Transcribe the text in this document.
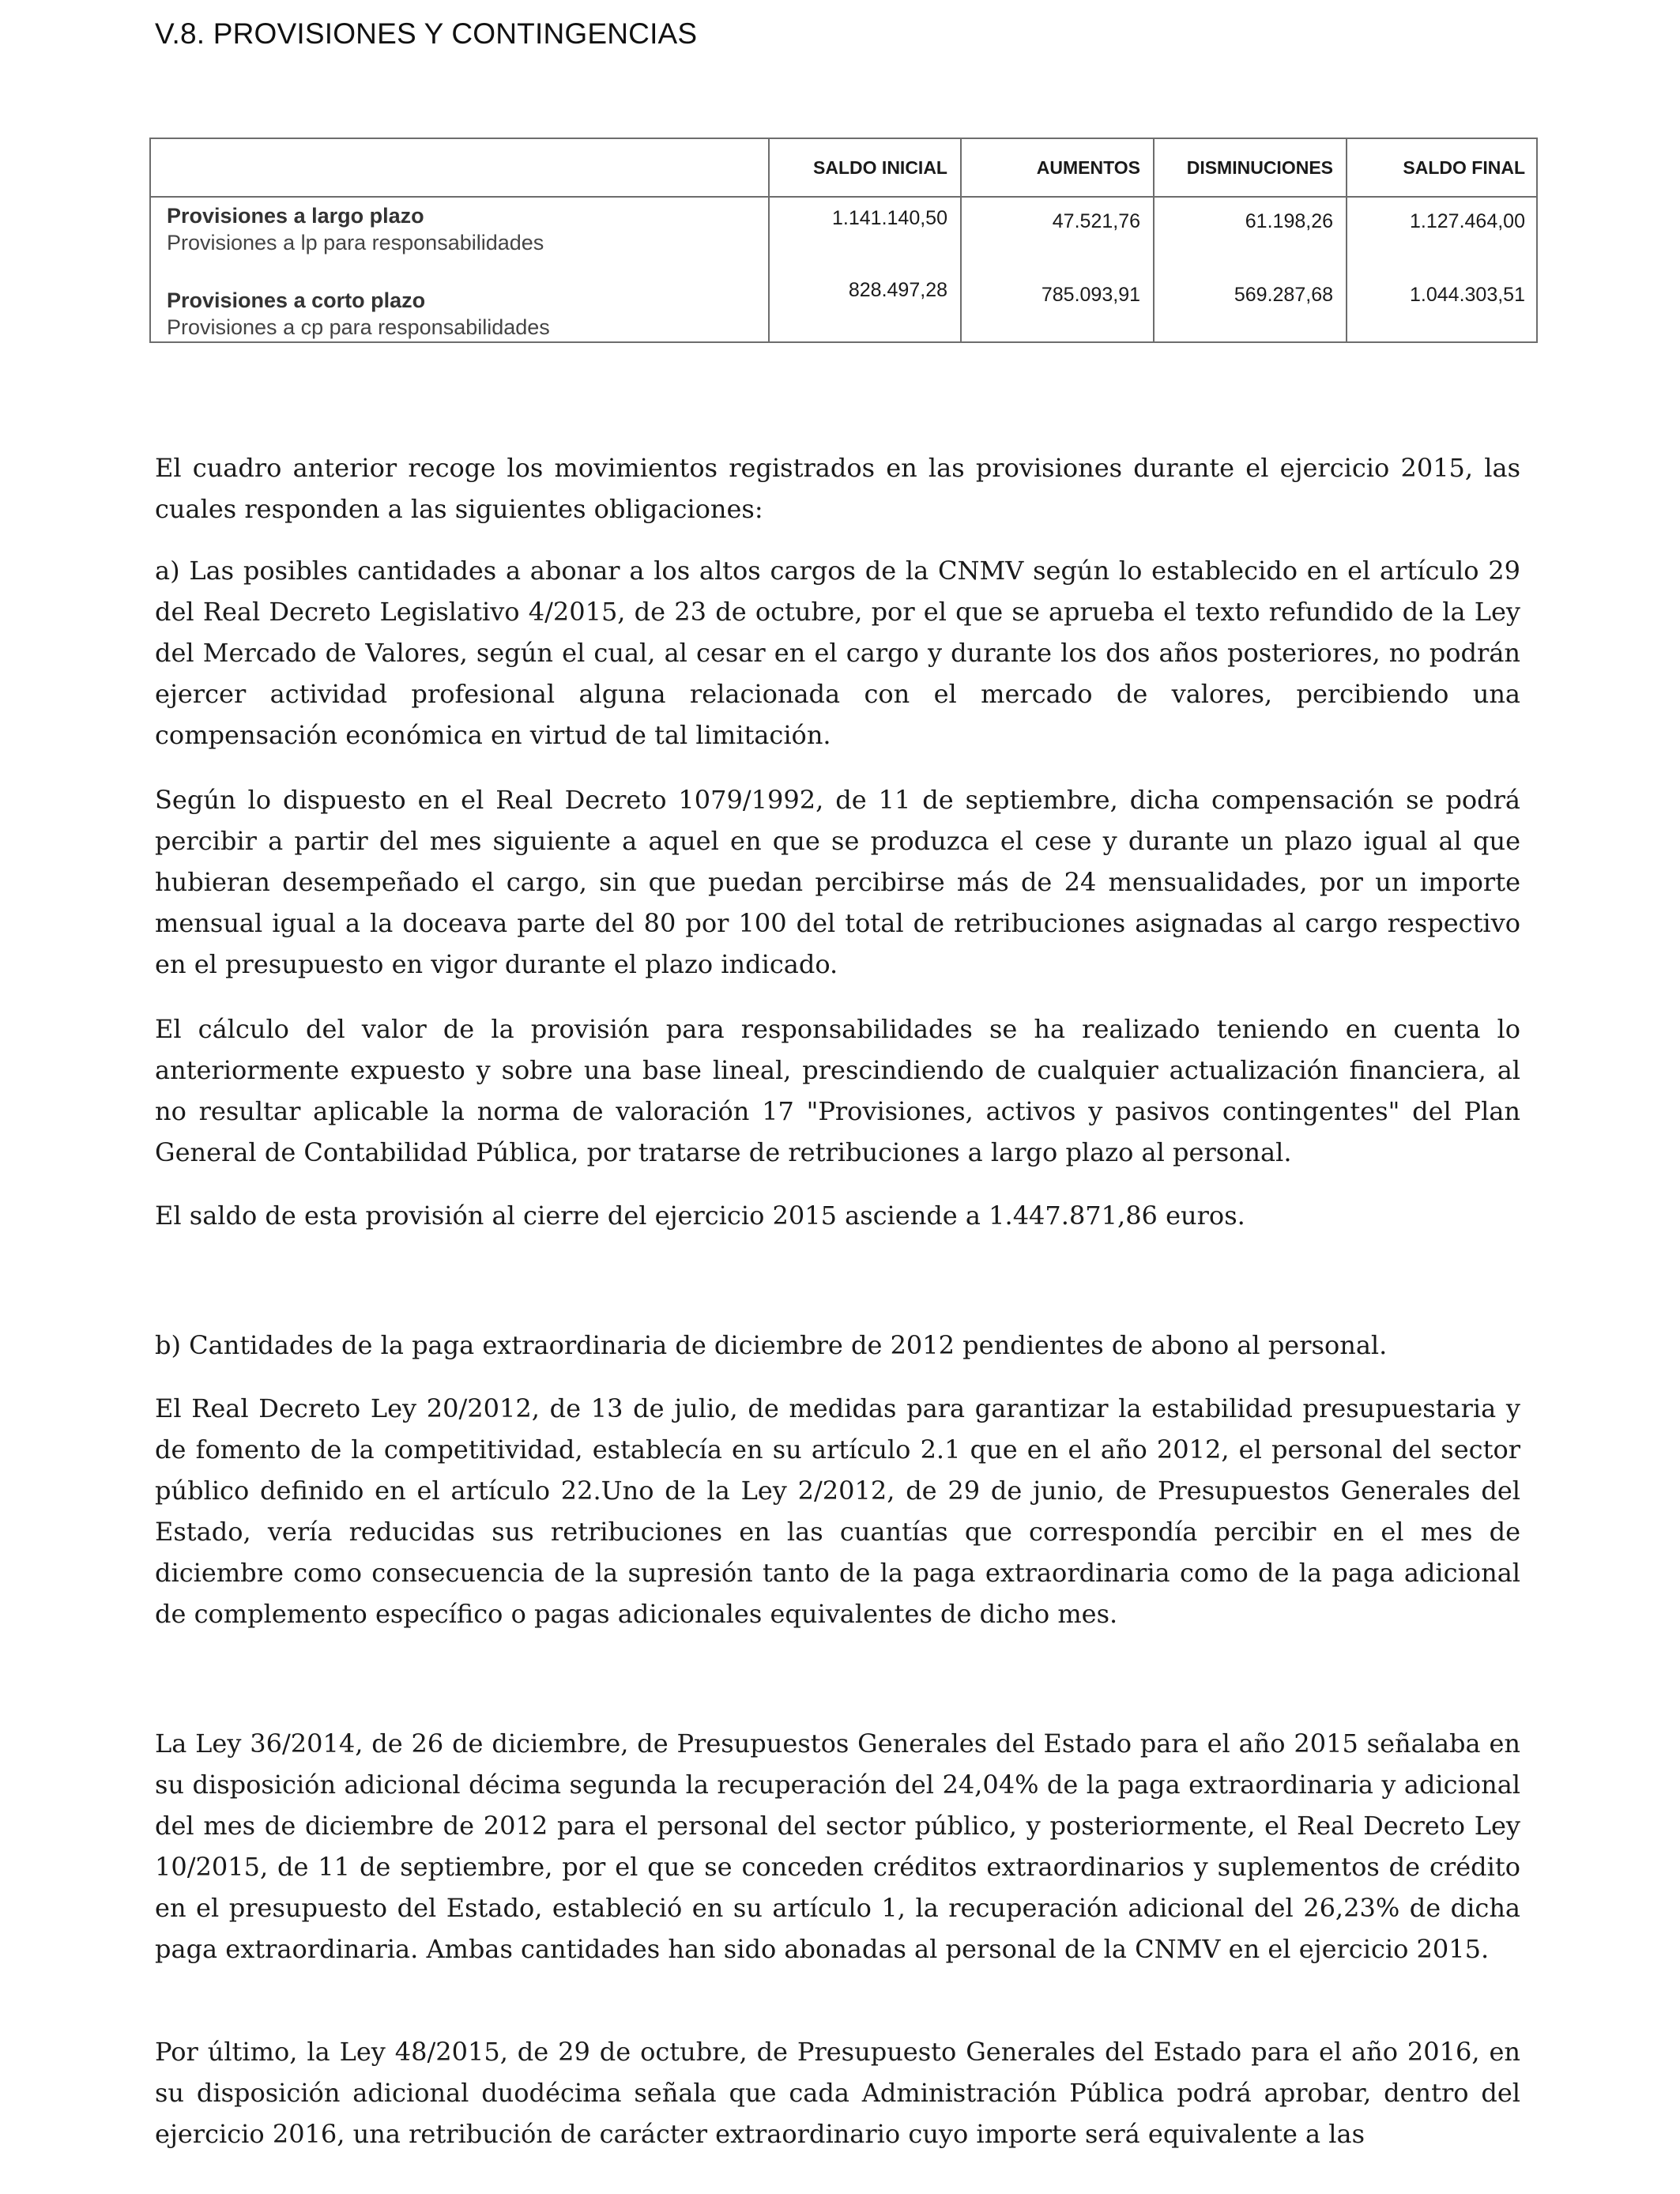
V.8. PROVISIONES Y CONTINGENCIAS
SALDO INICIAL	AUMENTOS	DISMINUCIONES	SALDO FINAL
Provisiones a largo plazo
Provisiones a lp para responsabilidades
1.141.140,50	47.521,76	61.198,26	1.127.464,00
Provisiones a corto plazo
Provisiones a cp para responsabilidades
828.497,28	785.093,91	569.287,68	1.044.303,51

El cuadro anterior recoge los movimientos registrados en las provisiones durante el ejercicio 2015, las cuales responden a las siguientes obligaciones:

a) Las posibles cantidades a abonar a los altos cargos de la CNMV según lo establecido en el artículo 29 del Real Decreto Legislativo 4/2015, de 23 de octubre, por el que se aprueba el texto refundido de la Ley del Mercado de Valores, según el cual, al cesar en el cargo y durante los dos años posteriores, no podrán ejercer actividad profesional alguna relacionada con el mercado de valores, percibiendo una compensación económica en virtud de tal limitación.

Según lo dispuesto en el Real Decreto 1079/1992, de 11 de septiembre, dicha compensación se podrá percibir a partir del mes siguiente a aquel en que se produzca el cese y durante un plazo igual al que hubieran desempeñado el cargo, sin que puedan percibirse más de 24 mensualidades, por un importe mensual igual a la doceava parte del 80 por 100 del total de retribuciones asignadas al cargo respectivo en el presupuesto en vigor durante el plazo indicado.

El cálculo del valor de la provisión para responsabilidades se ha realizado teniendo en cuenta lo anteriormente expuesto y sobre una base lineal, prescindiendo de cualquier actualización financiera, al no resultar aplicable la norma de valoración 17 "Provisiones, activos y pasivos contingentes" del Plan General de Contabilidad Pública, por tratarse de retribuciones a largo plazo al personal.

El saldo de esta provisión al cierre del ejercicio 2015 asciende a 1.447.871,86 euros.

b) Cantidades de la paga extraordinaria de diciembre de 2012 pendientes de abono al personal.

El Real Decreto Ley 20/2012, de 13 de julio, de medidas para garantizar la estabilidad presupuestaria y de fomento de la competitividad, establecía en su artículo 2.1 que en el año 2012, el personal del sector público definido en el artículo 22.Uno de la Ley 2/2012, de 29 de junio, de Presupuestos Generales del Estado, vería reducidas sus retribuciones en las cuantías que correspondía percibir en el mes de diciembre como consecuencia de la supresión tanto de la paga extraordinaria como de la paga adicional de complemento específico o pagas adicionales equivalentes de dicho mes.

La Ley 36/2014, de 26 de diciembre, de Presupuestos Generales del Estado para el año 2015 señalaba en su disposición adicional décima segunda la recuperación del 24,04% de la paga extraordinaria y adicional del mes de diciembre de 2012 para el personal del sector público, y posteriormente, el Real Decreto Ley 10/2015, de 11 de septiembre, por el que se conceden créditos extraordinarios y suplementos de crédito en el presupuesto del Estado, estableció en su artículo 1, la recuperación adicional del 26,23% de dicha paga extraordinaria. Ambas cantidades han sido abonadas al personal de la CNMV en el ejercicio 2015.

Por último, la Ley 48/2015, de 29 de octubre, de Presupuesto Generales del Estado para el año 2016, en su disposición adicional duodécima señala que cada Administración Pública podrá aprobar, dentro del ejercicio 2016, una retribución de carácter extraordinario cuyo importe será equivalente a las
